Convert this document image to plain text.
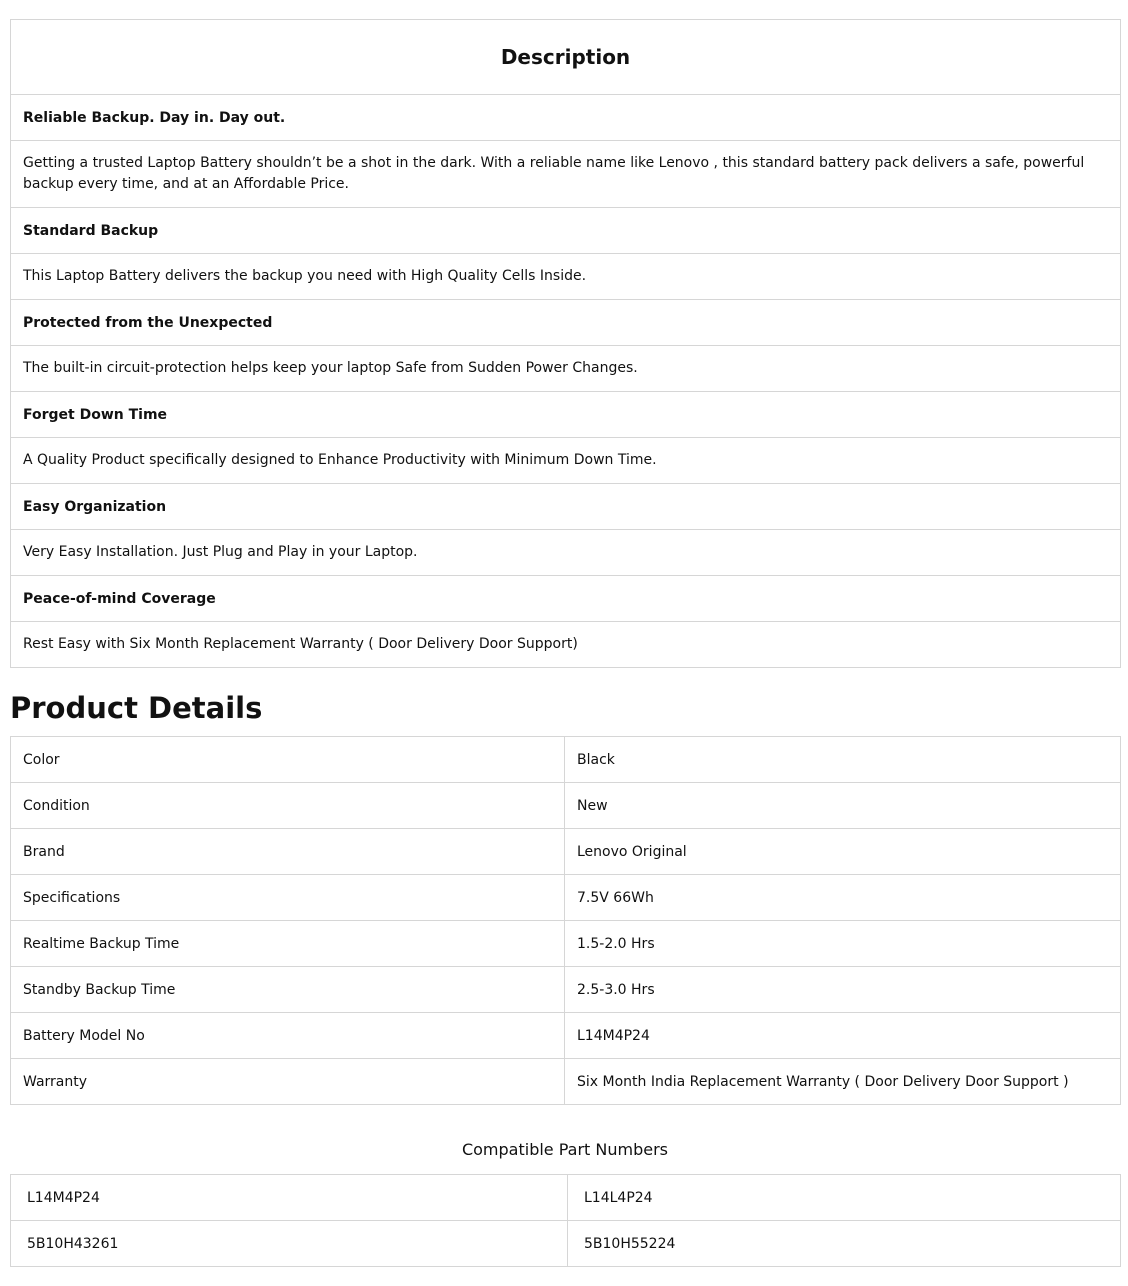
Description
Reliable Backup. Day in. Day out.
Getting a trusted Laptop Battery shouldn’t be a shot in the dark. With a reliable name like Lenovo , this standard battery pack delivers a safe, powerful backup every time, and at an Affordable Price.
Standard Backup
This Laptop Battery delivers the backup you need with High Quality Cells Inside.
Protected from the Unexpected
The built-in circuit-protection helps keep your laptop Safe from Sudden Power Changes.
Forget Down Time
A Quality Product specifically designed to Enhance Productivity with Minimum Down Time.
Easy Organization
Very Easy Installation. Just Plug and Play in your Laptop.
Peace-of-mind Coverage
Rest Easy with Six Month Replacement Warranty ( Door Delivery Door Support)
Product Details
Color	Black
Condition	New
Brand	Lenovo Original
Specifications	7.5V 66Wh
Realtime Backup Time	1.5-2.0 Hrs
Standby Backup Time	2.5-3.0 Hrs
Battery Model No	L14M4P24
Warranty	Six Month India Replacement Warranty ( Door Delivery Door Support )
Compatible Part Numbers
L14M4P24	L14L4P24
5B10H43261	5B10H55224
